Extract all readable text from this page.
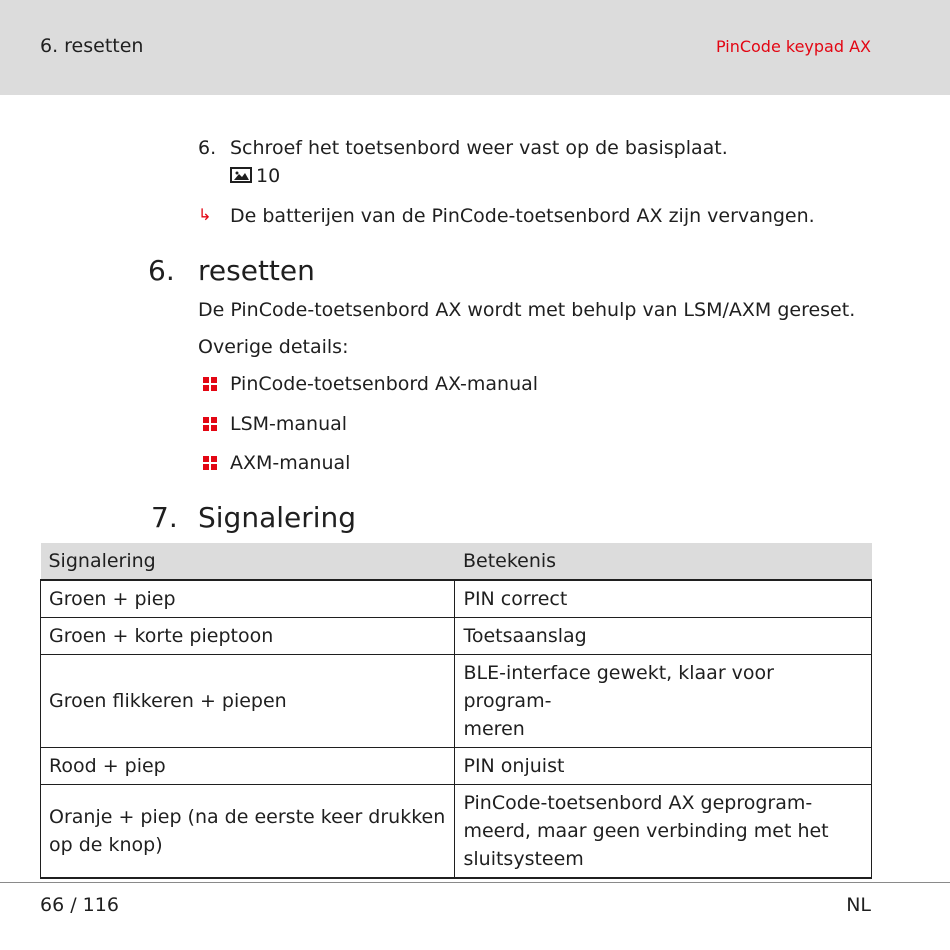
6. resetten	PinCode keypad AX
6. Schroef het toetsenbord weer vast op de basisplaat.
10
↳ De batterijen van de PinCode-toetsenbord AX zijn vervangen.
6. resetten
De PinCode-toetsenbord AX wordt met behulp van LSM/AXM gereset.
Overige details:
PinCode-toetsenbord AX-manual
LSM-manual
AXM-manual
7. Signalering
Signalering	Betekenis
Groen + piep	PIN correct
Groen + korte pieptoon	Toetsaanslag
Groen flikkeren + piepen	BLE-interface gewekt, klaar voor program-
meren
Rood + piep	PIN onjuist
Oranje + piep (na de eerste keer drukken
op de knop)	PinCode-toetsenbord AX geprogram-
meerd, maar geen verbinding met het
sluitsysteem
66 / 116	NL
